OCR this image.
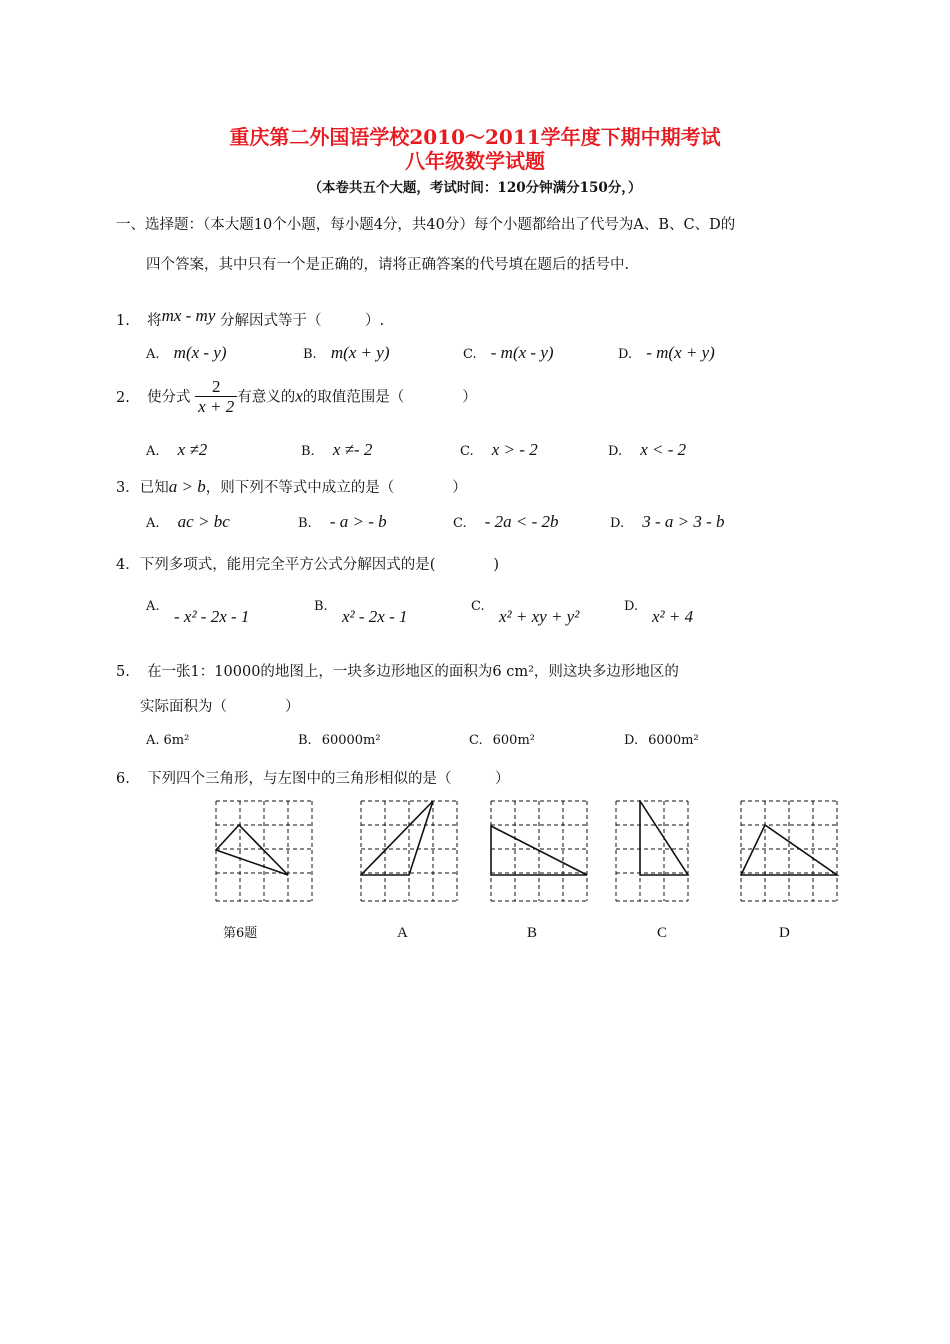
重庆第二外国语学校2010～2011学年度下期中期考试
八年级数学试题
（本卷共五个大题，考试时间：120分钟满分150分，）
一、选择题：（本大题10个小题，每小题4分，共40分）每个小题都给出了代号为A、B、C、D的
四个答案，其中只有一个是正确的，请将正确答案的代号填在题后的括号中.
1. 将mx - my 分解因式等于（　　　）.
A. m(x - y)	B. m(x + y)	C. - m(x - y)	D. - m(x + y)
2. 使分式 $\frac{2}{x + 2}$ 有意义的x的取值范围是（　　　　）
A. x ≠2	B. x ≠- 2	C. x > - 2	D. x < - 2
3．已知a > b，则下列不等式中成立的是（　　　　）
A. ac > bc	B. - a > - b	C. - 2a < - 2b	D. 3 - a > 3 - b
4．下列多项式，能用完全平方公式分解因式的是(　　　　)
A.
- x² - 2x - 1
B.
x² - 2x - 1
C.
x² + xy + y²
D.
x² + 4
5. 在一张1：10000的地图上，一块多边形地区的面积为6 cm²，则这块多边形地区的
实际面积为（　　　　）
A. 6m²	B. 60000m²	C. 600m²	D. 6000m²
6. 下列四个三角形，与左图中的三角形相似的是（　　　）
第6题	A	B	C	D
